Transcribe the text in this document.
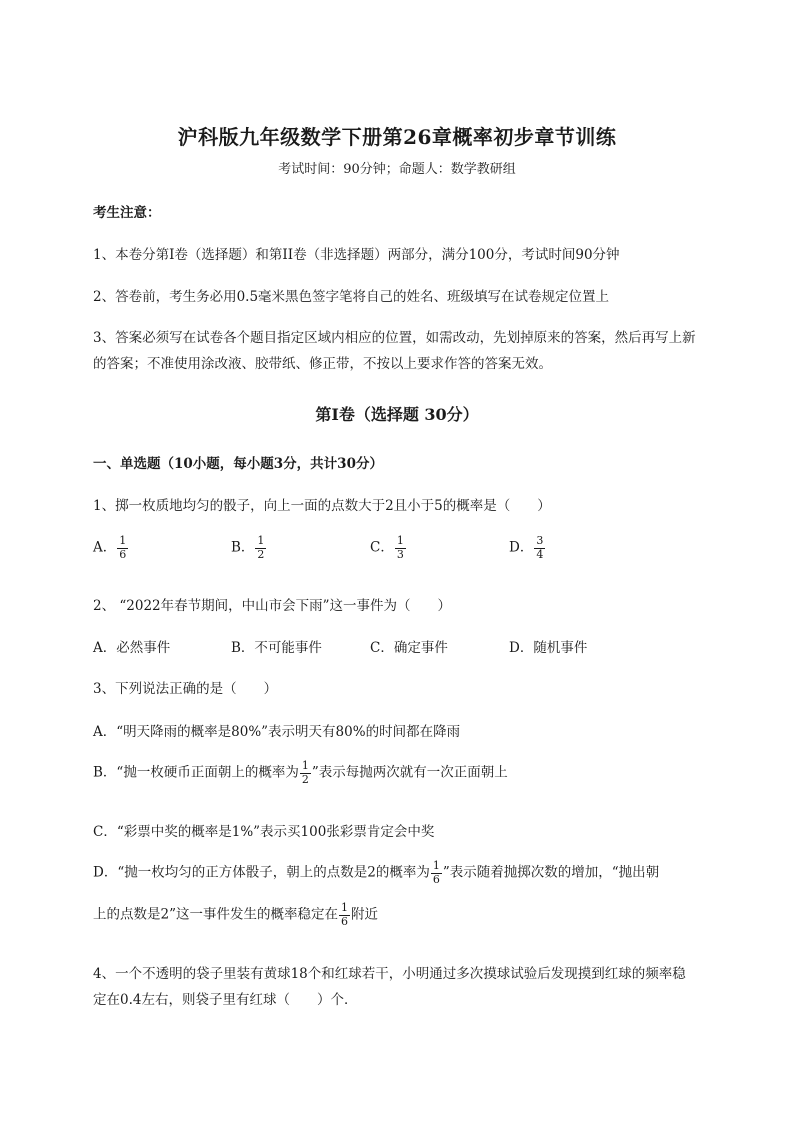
沪科版九年级数学下册第26章概率初步章节训练
考试时间：90分钟；命题人：数学教研组
考生注意：
1、本卷分第I卷（选择题）和第II卷（非选择题）两部分，满分100分，考试时间90分钟
2、答卷前，考生务必用0.5毫米黑色签字笔将自己的姓名、班级填写在试卷规定位置上
3、答案必须写在试卷各个题目指定区域内相应的位置，如需改动，先划掉原来的答案，然后再写上新
的答案；不准使用涂改液、胶带纸、修正带，不按以上要求作答的答案无效。
第I卷（选择题 30分）
一、单选题（10小题，每小题3分，共计30分）
1、掷一枚质地均匀的骰子，向上一面的点数大于2且小于5的概率是（　　）
A． $\frac{1}{6}$	B． $\frac{1}{2}$	C． $\frac{1}{3}$	D． $\frac{3}{4}$
2、 “2022年春节期间，中山市会下雨”这一事件为（　　）
A．必然事件	B．不可能事件	C．确定事件	D．随机事件
3、下列说法正确的是（　　）
A．“明天降雨的概率是80%”表示明天有80%的时间都在降雨
B．“抛一枚硬币正面朝上的概率为 $\frac{1}{2}$ ”表示每抛两次就有一次正面朝上
C．“彩票中奖的概率是1%”表示买100张彩票肯定会中奖
D．“抛一枚均匀的正方体骰子，朝上的点数是2的概率为 $\frac{1}{6}$ ”表示随着抛掷次数的增加，“抛出朝
上的点数是2”这一事件发生的概率稳定在 $\frac{1}{6}$ 附近
4、一个不透明的袋子里装有黄球18个和红球若干，小明通过多次摸球试验后发现摸到红球的频率稳
定在0.4左右，则袋子里有红球（　　）个．
